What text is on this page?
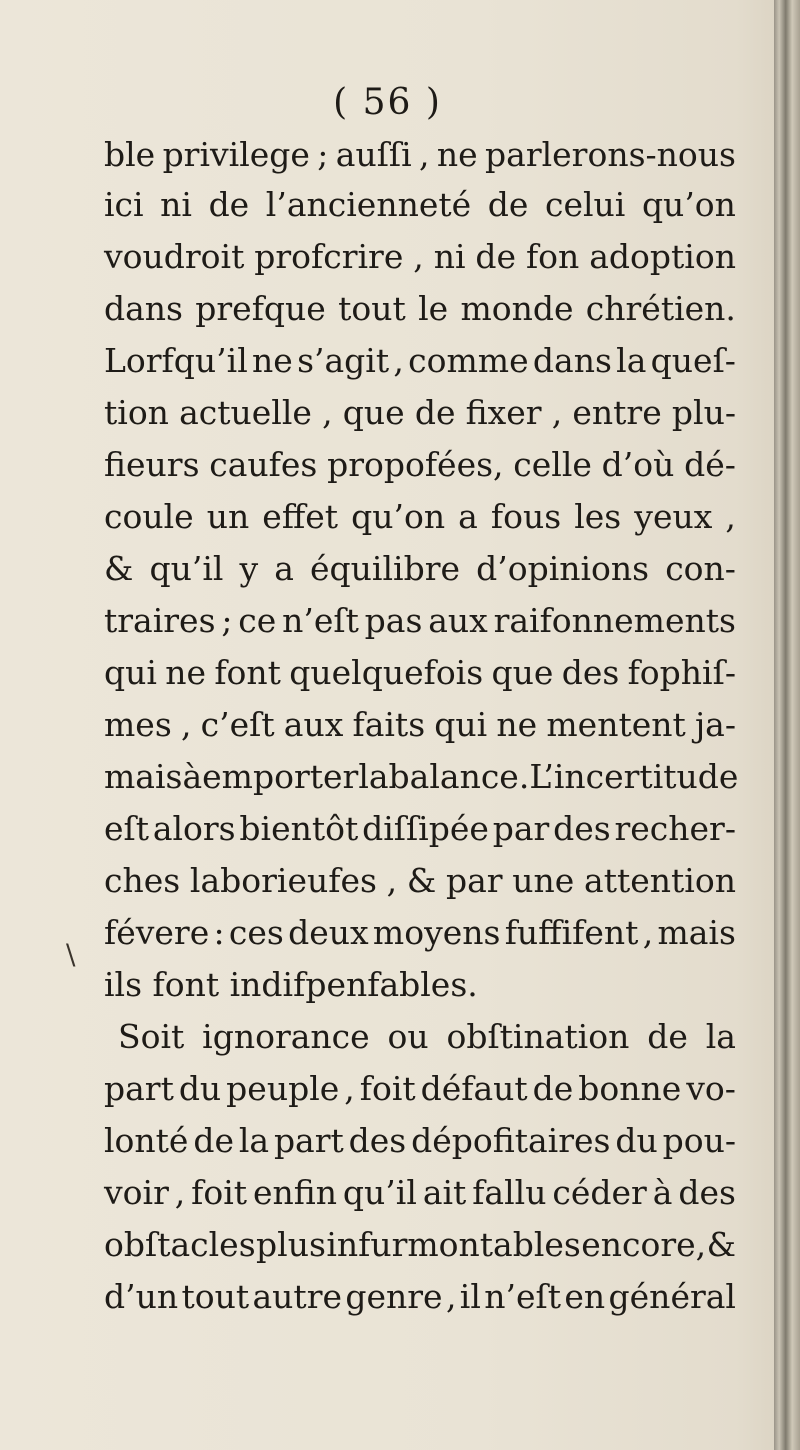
( 56 )

ble privilege ; auſſi , ne parlerons-nous

ici ni de l’ancienneté de celui qu’on

voudroit profcrire , ni de fon adoption

dans prefque tout le monde chrétien.

Lorfqu’il ne s’agit , comme dans la queſ-

tion actuelle , que de fixer , entre plu-

fieurs caufes propofées, celle d’où dé-

coule un effet qu’on a fous les yeux ,

& qu’il y a équilibre d’opinions con-

traires ; ce n’eſt pas aux raifonnements

qui ne font quelquefois que des fophiſ-

mes , c’eſt aux faits qui ne mentent ja-

mais à emporter la balance. L’incertitude

eſt alors bientôt diſſipée par des recher-

ches laborieufes , & par une attention

févere : ces deux moyens fuffifent , mais

ils font indifpenfables.

Soit ignorance ou obſtination de la

part du peuple , foit défaut de bonne vo-

lonté de la part des dépofitaires du pou-

voir , foit enfin qu’il ait fallu céder à des

obſtacles plus infurmontables encore, &

d’un tout autre genre , il n’eſt en général

\
